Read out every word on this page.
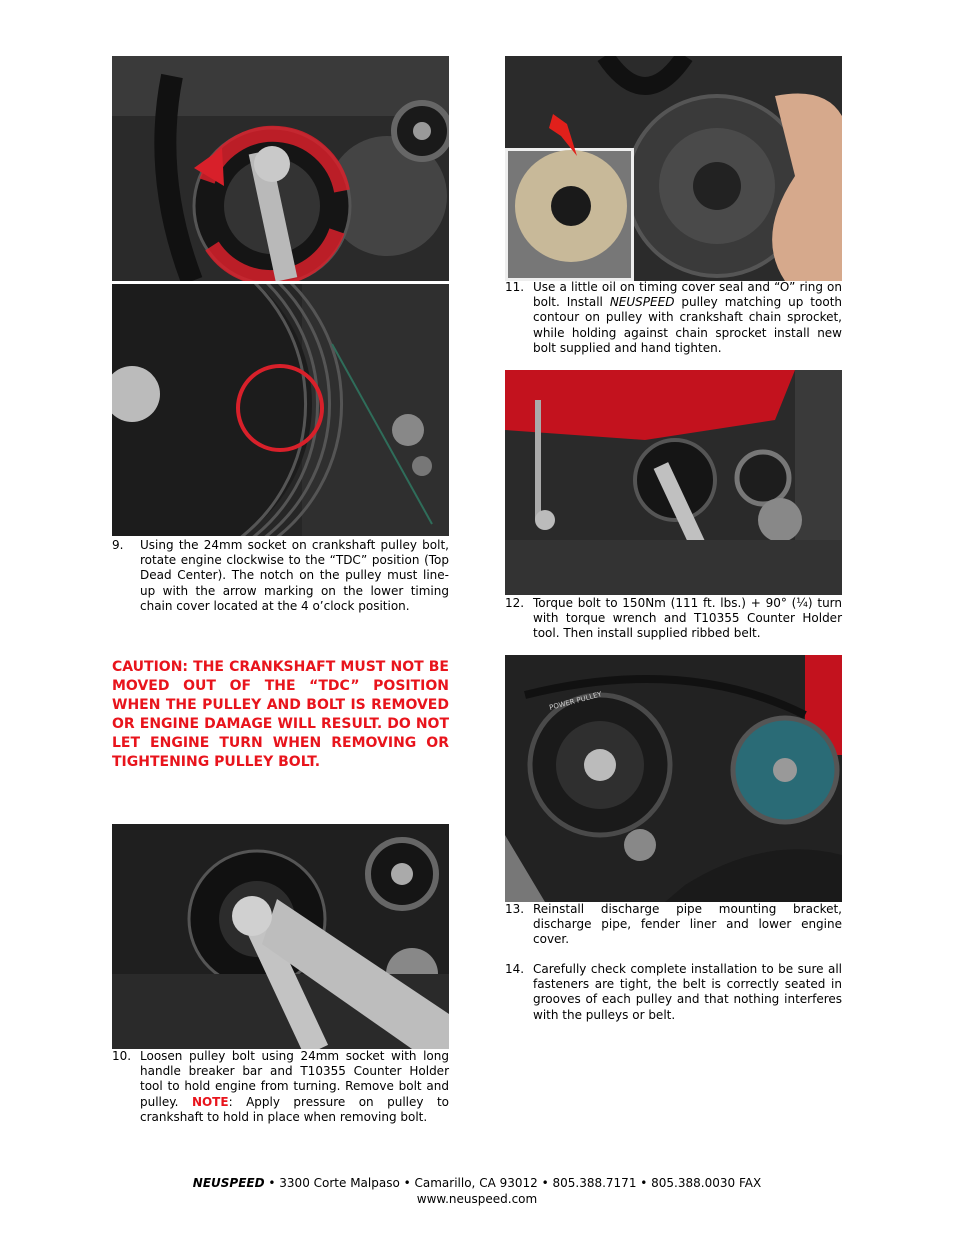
9. Using the 24mm socket on crankshaft pulley bolt, rotate engine clockwise to the “TDC” position (Top Dead Center). The notch on the pulley must line-up with the arrow marking on the lower timing chain cover located at the 4 o’clock position.
CAUTION: THE CRANKSHAFT MUST NOT BE MOVED OUT OF THE “TDC” POSITION WHEN THE PULLEY AND BOLT IS REMOVED OR ENGINE DAMAGE WILL RESULT. DO NOT LET ENGINE TURN WHEN REMOVING OR TIGHTENING PULLEY BOLT.
10. Loosen pulley bolt using 24mm socket with long handle breaker bar and T10355 Counter Holder tool to hold engine from turning. Remove bolt and pulley. NOTE: Apply pressure on pulley to crankshaft to hold in place when removing bolt.
11. Use a little oil on timing cover seal and “O” ring on bolt. Install NEUSPEED pulley matching up tooth contour on pulley with crankshaft chain sprocket, while holding against chain sprocket install new bolt supplied and hand tighten.
12. Torque bolt to 150Nm (111 ft. lbs.) + 90° (¼) turn with torque wrench and T10355 Counter Holder tool. Then install supplied ribbed belt.
POWER PULLEY
13. Reinstall discharge pipe mounting bracket, discharge pipe, fender liner and lower engine cover.
14. Carefully check complete installation to be sure all fasteners are tight, the belt is correctly seated in grooves of each pulley and that nothing interferes with the pulleys or belt.
NEUSPEED • 3300 Corte Malpaso • Camarillo, CA 93012 • 805.388.7171 • 805.388.0030 FAX
www.neuspeed.com
